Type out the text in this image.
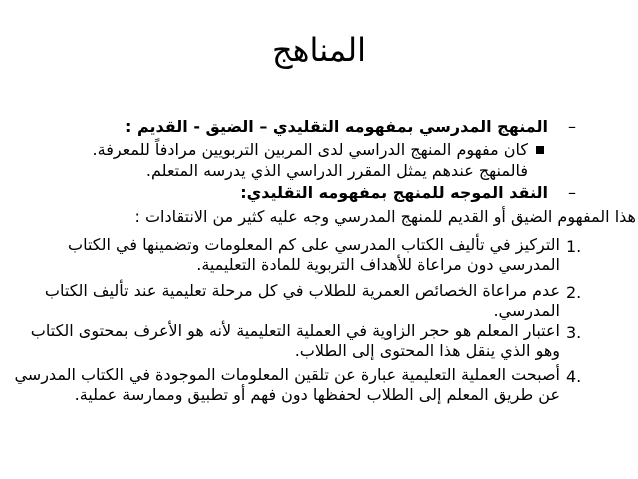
المناهج
–
المنهج المدرسي بمفهومه التقليدي – الضيق - القديم :
كان مفهوم المنهج الدراسي لدى المربين التربويين مرادفاً للمعرفة.
فالمنهج عندهم يمثل المقرر الدراسي الذي يدرسه المتعلم.
–
النقد الموجه للمنهج بمفهومه التقليدي:
هذا المفهوم الضيق أو القديم للمنهج المدرسي وجه عليه كثير من الانتقادات :
1.
التركيز في تأليف الكتاب المدرسي على كم المعلومات وتضمينها في الكتاب
المدرسي دون مراعاة للأهداف التربوية للمادة التعليمية.
2.
عدم مراعاة الخصائص العمرية للطلاب في كل مرحلة تعليمية عند تأليف الكتاب
المدرسي.
3.
اعتبار المعلم هو حجر الزاوية في العملية التعليمية لأنه هو الأعرف بمحتوى الكتاب
وهو الذي ينقل هذا المحتوى إلى الطلاب.
4.
أصبحت العملية التعليمية عبارة عن تلقين المعلومات الموجودة في الكتاب المدرسي
عن طريق المعلم إلى الطلاب لحفظها دون فهم أو تطبيق وممارسة عملية.
